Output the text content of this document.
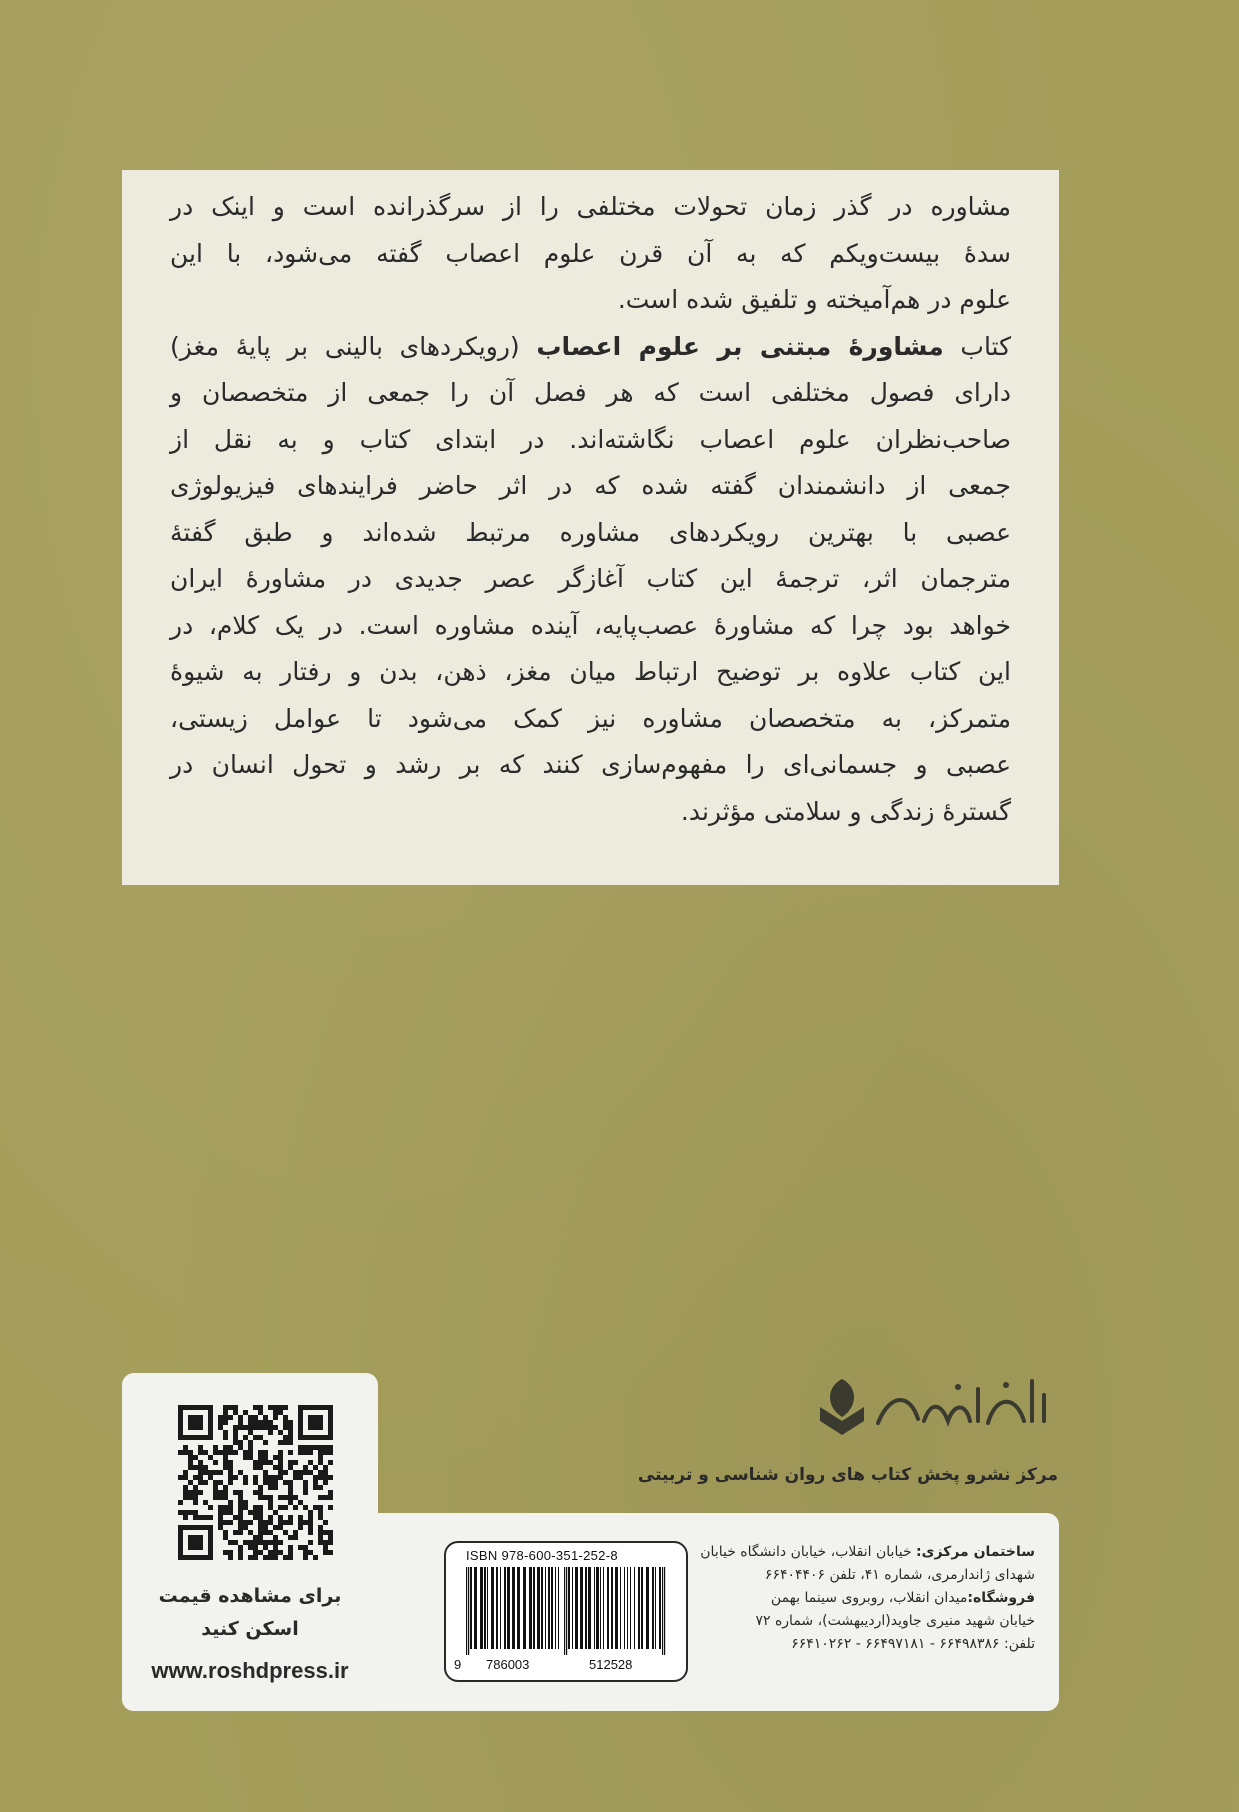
مشاوره در گذر زمان تحولات مختلفی را از سرگذرانده است و اینک در
سدهٔ بیست‌ویکم که به آن قرن علوم اعصاب گفته می‌شود، با این
علوم در هم‌آمیخته و تلفیق شده است.
کتاب مشاورهٔ مبتنی بر علوم اعصاب (رویکردهای بالینی بر پایهٔ مغز)
دارای فصول مختلفی است که هر فصل آن را جمعی از متخصصان و
صاحب‌نظران علوم اعصاب نگاشته‌اند. در ابتدای کتاب و به نقل از
جمعی از دانشمندان گفته شده که در اثر حاضر فرایندهای فیزیولوژی
عصبی با بهترین رویکردهای مشاوره مرتبط شده‌اند و طبق گفتهٔ
مترجمان اثر، ترجمهٔ این کتاب آغازگر عصر جدیدی در مشاورهٔ ایران
خواهد بود چرا که مشاورهٔ عصب‌پایه، آینده مشاوره است. در یک کلام، در
این کتاب علاوه بر توضیح ارتباط میان مغز، ذهن، بدن و رفتار به شیوهٔ
متمرکز، به متخصصان مشاوره نیز کمک می‌شود تا عوامل زیستی،
عصبی و جسمانی‌ای را مفهوم‌سازی کنند که بر رشد و تحول انسان در
گسترهٔ زندگی و سلامتی مؤثرند.
برای مشاهده قیمت
اسکن کنید
www.roshdpress.ir
ISBN 978-600-351-252-8
9 786003	512528
ساختمان مرکزی: خیابان انقلاب، خیابان دانشگاه خیابان
شهدای ژاندارمری، شماره ۴۱، تلفن ۶۶۴۰۴۴۰۶
فروشگاه:میدان انقلاب، روبروی سینما بهمن
خیابان شهید منیری جاوید(اردیبهشت)، شماره ۷۲
تلفن: ۶۶۴۹۸۳۸۶ - ۶۶۴۹۷۱۸۱ - ۶۶۴۱۰۲۶۲
مرکز نشرو پخش کتاب های روان شناسی و تربیتی
